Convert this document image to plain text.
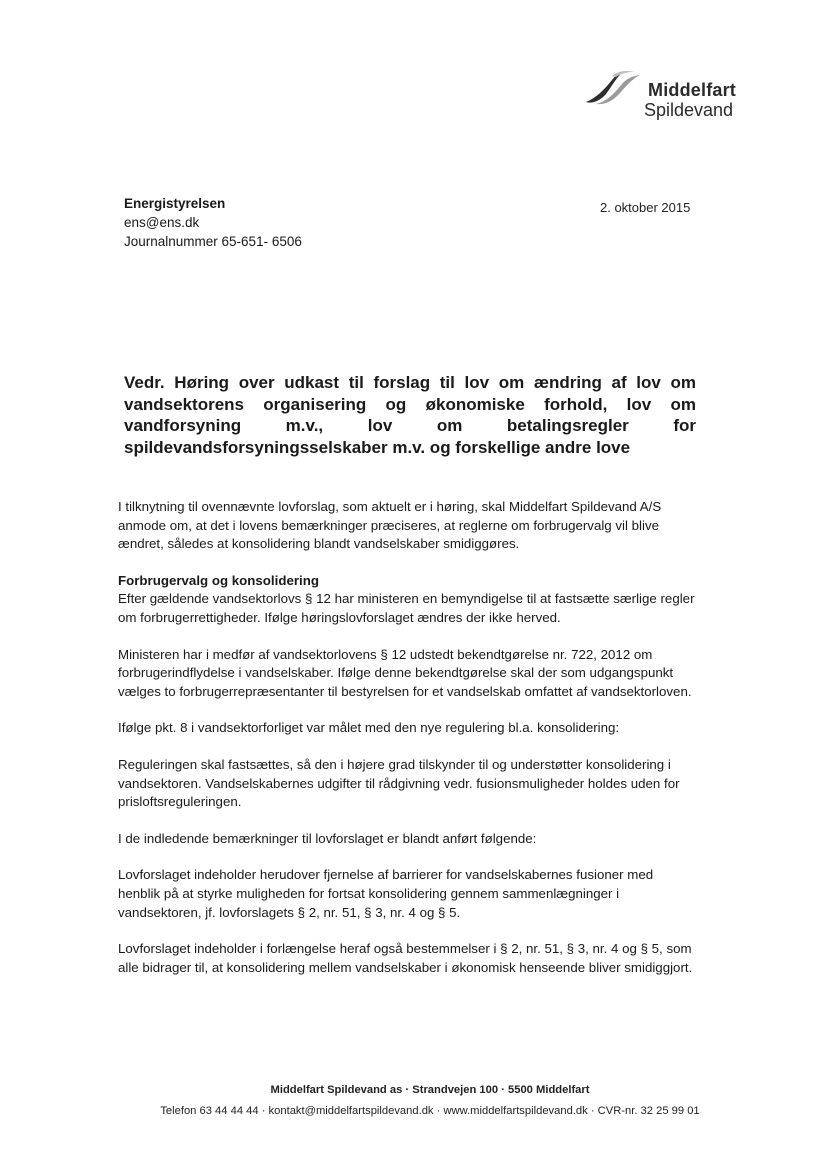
Middelfart
Spildevand
Energistyrelsen
ens@ens.dk
Journalnummer 65-651- 6506
2. oktober 2015
Vedr. Høring over udkast til forslag til lov om ændring af lov om vandsektorens organisering og økonomiske forhold, lov om vandforsyning m.v., lov om betalingsregler for spildevandsforsyningsselskaber m.v. og forskellige andre love

I tilknytning til ovennævnte lovforslag, som aktuelt er i høring, skal Middelfart Spildevand A/S anmode om, at det i lovens bemærkninger præciseres, at reglerne om forbrugervalg vil blive ændret, således at konsolidering blandt vandselskaber smidiggøres.

Forbrugervalg og konsolidering

Efter gældende vandsektorlovs § 12 har ministeren en bemyndigelse til at fastsætte særlige regler om forbrugerrettigheder. Ifølge høringslovforslaget ændres der ikke herved.

Ministeren har i medfør af vandsektorlovens § 12 udstedt bekendtgørelse nr. 722, 2012 om forbrugerindflydelse i vandselskaber. Ifølge denne bekendtgørelse skal der som udgangspunkt vælges to forbrugerrepræsentanter til bestyrelsen for et vandselskab omfattet af vandsektorloven.

Ifølge pkt. 8 i vandsektorforliget var målet med den nye regulering bl.a. konsolidering:

Reguleringen skal fastsættes, så den i højere grad tilskynder til og understøtter konsolidering i vandsektoren. Vandselskabernes udgifter til rådgivning vedr. fusionsmuligheder holdes uden for prisloftsreguleringen.

I de indledende bemærkninger til lovforslaget er blandt anført følgende:

Lovforslaget indeholder herudover fjernelse af barrierer for vandselskabernes fusioner med henblik på at styrke muligheden for fortsat konsolidering gennem sammenlægninger i vandsektoren, jf. lovforslagets § 2, nr. 51, § 3, nr. 4 og § 5.

Lovforslaget indeholder i forlængelse heraf også bestemmelser i § 2, nr. 51, § 3, nr. 4 og § 5, som alle bidrager til, at konsolidering mellem vandselskaber i økonomisk henseende bliver smidiggjort.

Middelfart Spildevand as · Strandvejen 100 · 5500 Middelfart
Telefon 63 44 44 44 · kontakt@middelfartspildevand.dk · www.middelfartspildevand.dk · CVR-nr. 32 25 99 01
